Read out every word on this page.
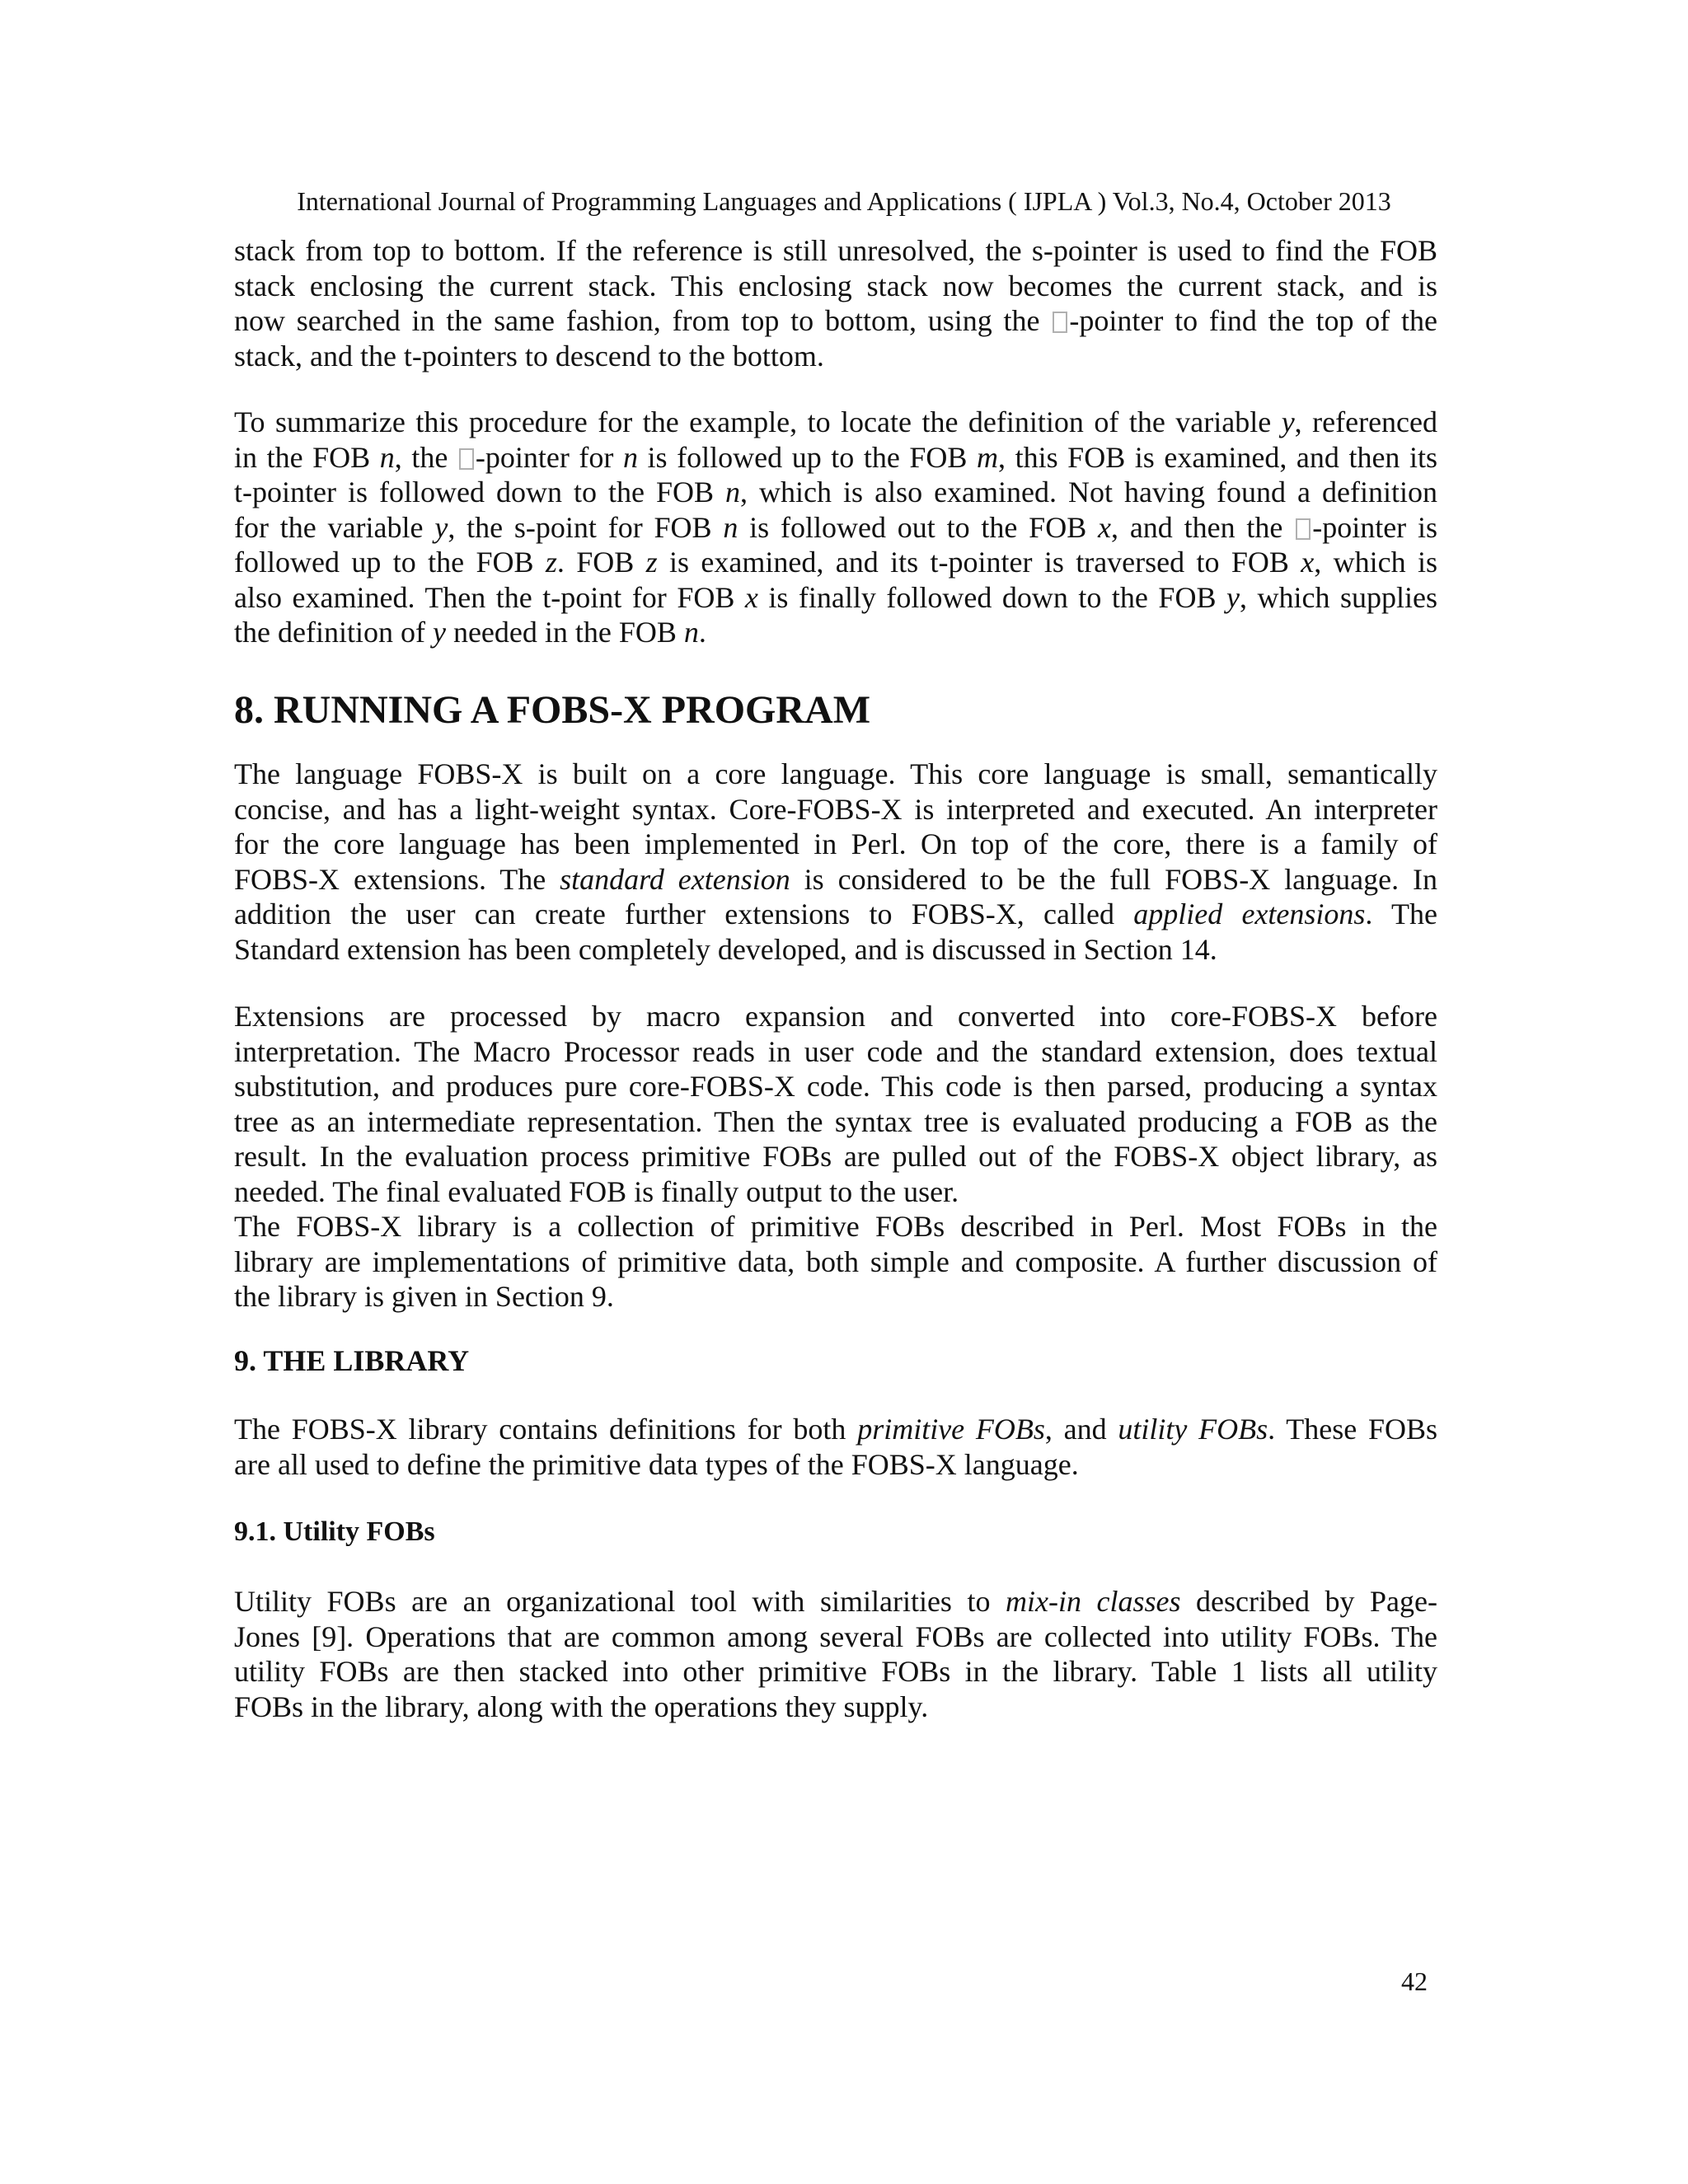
International Journal of Programming Languages and Applications ( IJPLA ) Vol.3, No.4, October 2013

stack from top to bottom. If the reference is still unresolved, the s-pointer is used to find the FOB
stack enclosing the current stack. This enclosing stack now becomes the current stack, and is
now searched in the same fashion, from top to bottom, using the -pointer to find the top of the
stack, and the t-pointers to descend to the bottom.

To summarize this procedure for the example, to locate the definition of the variable y, referenced
in the FOB n, the -pointer for n is followed up to the FOB m, this FOB is examined, and then its
t-pointer is followed down to the FOB n, which is also examined. Not having found a definition
for the variable y, the s-point for FOB n is followed out to the FOB x, and then the -pointer is
followed up to the FOB z. FOB z is examined, and its t-pointer is traversed to FOB x, which is
also examined. Then the t-point for FOB x is finally followed down to the FOB y, which supplies
the definition of y needed in the FOB n.

8. RUNNING A FOBS-X PROGRAM

The language FOBS-X is built on a core language. This core language is small, semantically
concise, and has a light-weight syntax. Core-FOBS-X is interpreted and executed. An interpreter
for the core language has been implemented in Perl. On top of the core, there is a family of
FOBS-X extensions. The standard extension is considered to be the full FOBS-X language. In
addition the user can create further extensions to FOBS-X, called applied extensions. The
Standard extension has been completely developed, and is discussed in Section 14.

Extensions are processed by macro expansion and converted into core-FOBS-X before
interpretation. The Macro Processor reads in user code and the standard extension, does textual
substitution, and produces pure core-FOBS-X code. This code is then parsed, producing a syntax
tree as an intermediate representation. Then the syntax tree is evaluated producing a FOB as the
result. In the evaluation process primitive FOBs are pulled out of the FOBS-X object library, as
needed. The final evaluated FOB is finally output to the user.
The FOBS-X library is a collection of primitive FOBs described in Perl. Most FOBs in the
library are implementations of primitive data, both simple and composite. A further discussion of
the library is given in Section 9.

9. THE LIBRARY

The FOBS-X library contains definitions for both primitive FOBs, and utility FOBs. These FOBs
are all used to define the primitive data types of the FOBS-X language.

9.1. Utility FOBs

Utility FOBs are an organizational tool with similarities to mix-in classes described by Page-
Jones [9]. Operations that are common among several FOBs are collected into utility FOBs. The
utility FOBs are then stacked into other primitive FOBs in the library. Table 1 lists all utility
FOBs in the library, along with the operations they supply.

42
